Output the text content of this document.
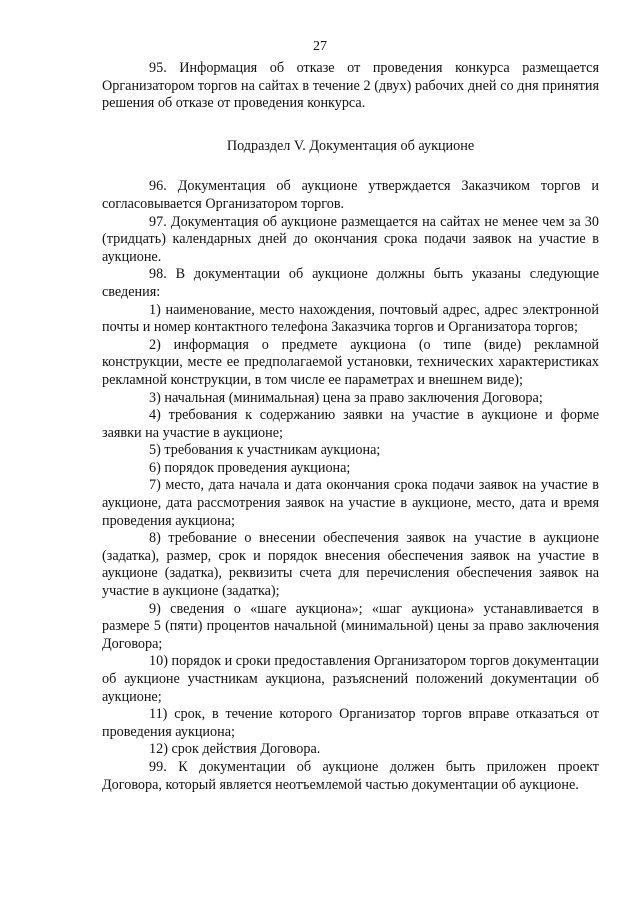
27

95. Информация об отказе от проведения конкурса размещается Организатором торгов на сайтах в течение 2 (двух) рабочих дней со дня принятия решения об отказе от проведения конкурса.

Подраздел V. Документация об аукционе

96. Документация об аукционе утверждается Заказчиком торгов и согласовывается Организатором торгов.

97. Документация об аукционе размещается на сайтах не менее чем за 30 (тридцать) календарных дней до окончания срока подачи заявок на участие в аукционе.

98. В документации об аукционе должны быть указаны следующие сведения:

1) наименование, место нахождения, почтовый адрес, адрес электронной почты и номер контактного телефона Заказчика торгов и Организатора торгов;

2) информация о предмете аукциона (о типе (виде) рекламной конструкции, месте ее предполагаемой установки, технических характеристиках рекламной конструкции, в том числе ее параметрах и внешнем виде);

3) начальная (минимальная) цена за право заключения Договора;

4) требования к содержанию заявки на участие в аукционе и форме заявки на участие в аукционе;

5) требования к участникам аукциона;

6) порядок проведения аукциона;

7) место, дата начала и дата окончания срока подачи заявок на участие в аукционе, дата рассмотрения заявок на участие в аукционе, место, дата и время проведения аукциона;

8) требование о внесении обеспечения заявок на участие в аукционе (задатка), размер, срок и порядок внесения обеспечения заявок на участие в аукционе (задатка), реквизиты счета для перечисления обеспечения заявок на участие в аукционе (задатка);

9) сведения о «шаге аукциона»; «шаг аукциона» устанавливается в размере 5 (пяти) процентов начальной (минимальной) цены за право заключения Договора;

10) порядок и сроки предоставления Организатором торгов документации об аукционе участникам аукциона, разъяснений положений документации об аукционе;

11) срок, в течение которого Организатор торгов вправе отказаться от проведения аукциона;

12) срок действия Договора.

99. К документации об аукционе должен быть приложен проект Договора, который является неотъемлемой частью документации об аукционе.
